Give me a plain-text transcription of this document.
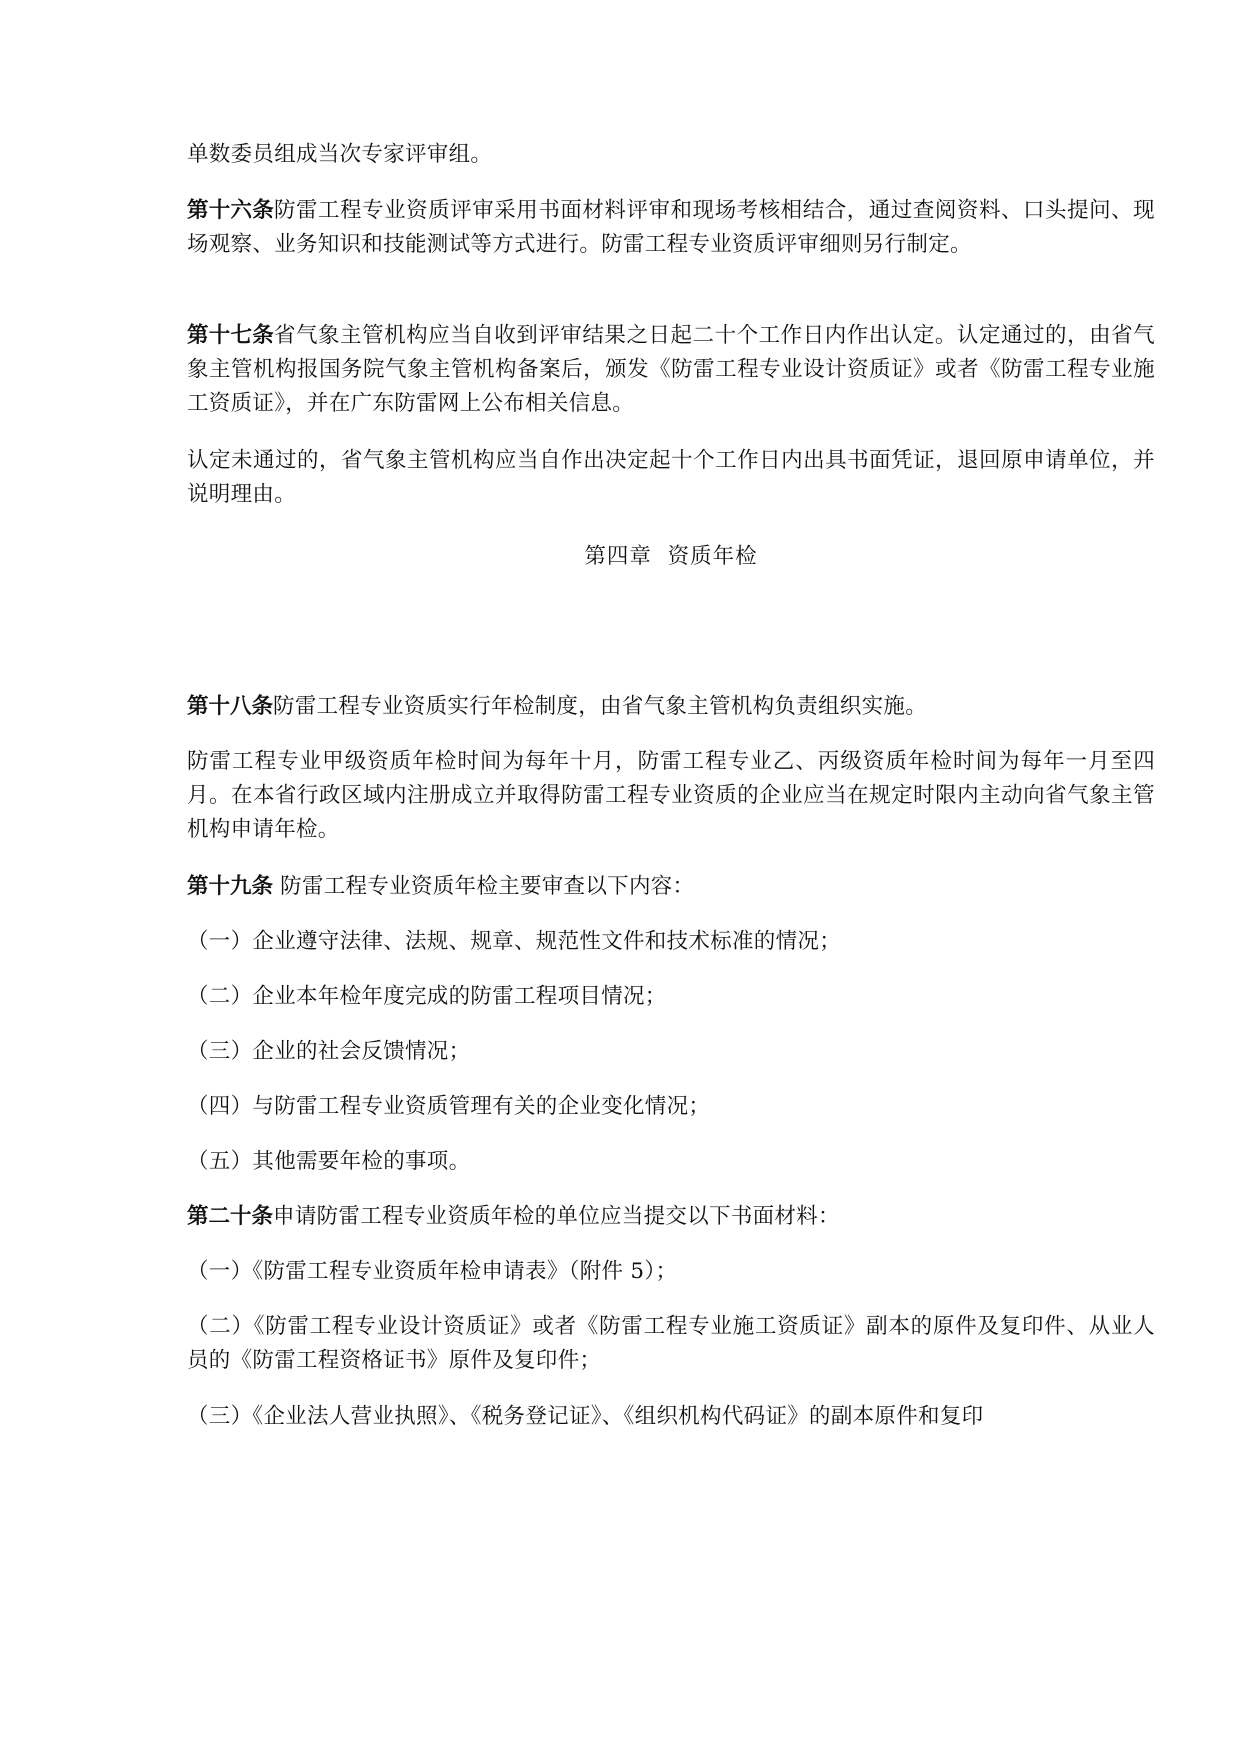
单数委员组成当次专家评审组。

第十六条防雷工程专业资质评审采用书面材料评审和现场考核相结合，通过查阅资料、口头提问、现场观察、业务知识和技能测试等方式进行。防雷工程专业资质评审细则另行制定。

第十七条省气象主管机构应当自收到评审结果之日起二十个工作日内作出认定。认定通过的，由省气象主管机构报国务院气象主管机构备案后，颁发《防雷工程专业设计资质证》或者《防雷工程专业施工资质证》，并在广东防雷网上公布相关信息。

认定未通过的，省气象主管机构应当自作出决定起十个工作日内出具书面凭证，退回原申请单位，并说明理由。

第四章 资质年检

第十八条防雷工程专业资质实行年检制度，由省气象主管机构负责组织实施。

防雷工程专业甲级资质年检时间为每年十月，防雷工程专业乙、丙级资质年检时间为每年一月至四月。在本省行政区域内注册成立并取得防雷工程专业资质的企业应当在规定时限内主动向省气象主管机构申请年检。

第十九条 防雷工程专业资质年检主要审查以下内容：

（一）企业遵守法律、法规、规章、规范性文件和技术标准的情况；

（二）企业本年检年度完成的防雷工程项目情况；

（三）企业的社会反馈情况；

（四）与防雷工程专业资质管理有关的企业变化情况；

（五）其他需要年检的事项。

第二十条申请防雷工程专业资质年检的单位应当提交以下书面材料：

（一）《防雷工程专业资质年检申请表》（附件 5）；

（二）《防雷工程专业设计资质证》或者《防雷工程专业施工资质证》副本的原件及复印件、从业人员的《防雷工程资格证书》原件及复印件；

（三）《企业法人营业执照》、《税务登记证》、《组织机构代码证》的副本原件和复印
